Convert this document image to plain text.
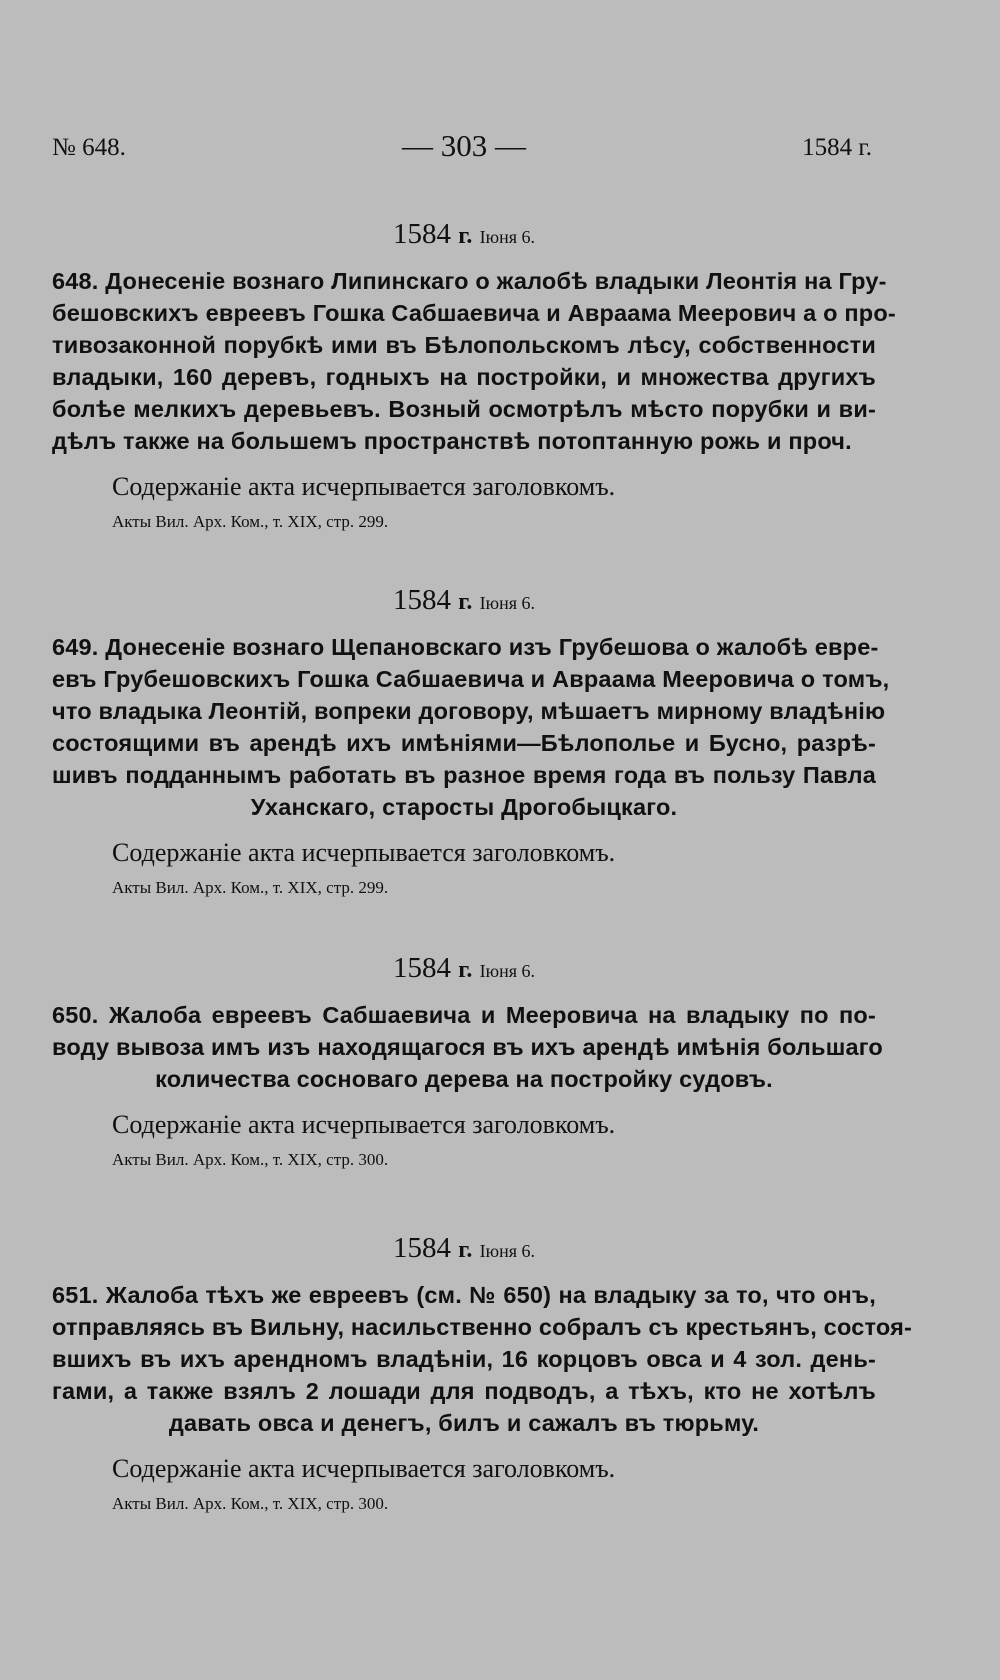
№ 648.	— 303 —	1584 г.
1584 г. Іюня 6.
648. Донесеніе вознаго Липинскаго о жалобѣ владыки Леонтія на Гру-
бешовскихъ евреевъ Гошка Сабшаевича и Авраама Меерович а о про-
тивозаконной порубкѣ ими въ Бѣлопольскомъ лѣсу, собственности
владыки, 160 деревъ, годныхъ на постройки, и множества другихъ
болѣе мелкихъ деревьевъ. Возный осмотрѣлъ мѣсто порубки и ви-
дѣлъ также на большемъ пространствѣ потоптанную рожь и проч.
Содержаніе акта исчерпывается заголовкомъ.
Акты Вил. Арх. Ком., т. XIX, стр. 299.
1584 г. Іюня 6.
649. Донесеніе вознаго Щепановскаго изъ Грубешова о жалобѣ евре-
евъ Грубешовскихъ Гошка Сабшаевича и Авраама Мееровича о томъ,
что владыка Леонтій, вопреки договору, мѣшаетъ мирному владѣнію
состоящими въ арендѣ ихъ имѣніями—Бѣлополье и Бусно, разрѣ-
шивъ подданнымъ работать въ разное время года въ пользу Павла
Уханскаго, старосты Дрогобыцкаго.
Содержаніе акта исчерпывается заголовкомъ.
Акты Вил. Арх. Ком., т. XIX, стр. 299.
1584 г. Іюня 6.
650. Жалоба евреевъ Сабшаевича и Мееровича на владыку по по-
воду вывоза имъ изъ находящагося въ ихъ арендѣ имѣнія большаго
количества сосноваго дерева на постройку судовъ.
Содержаніе акта исчерпывается заголовкомъ.
Акты Вил. Арх. Ком., т. XIX, стр. 300.
1584 г. Іюня 6.
651. Жалоба тѣхъ же евреевъ (см. № 650) на владыку за то, что онъ,
отправляясь въ Вильну, насильственно собралъ съ крестьянъ, состоя-
вшихъ въ ихъ арендномъ владѣніи, 16 корцовъ овса и 4 зол. день-
гами, а также взялъ 2 лошади для подводъ, а тѣхъ, кто не хотѣлъ
давать овса и денегъ, билъ и сажалъ въ тюрьму.
Содержаніе акта исчерпывается заголовкомъ.
Акты Вил. Арх. Ком., т. XIX, стр. 300.
